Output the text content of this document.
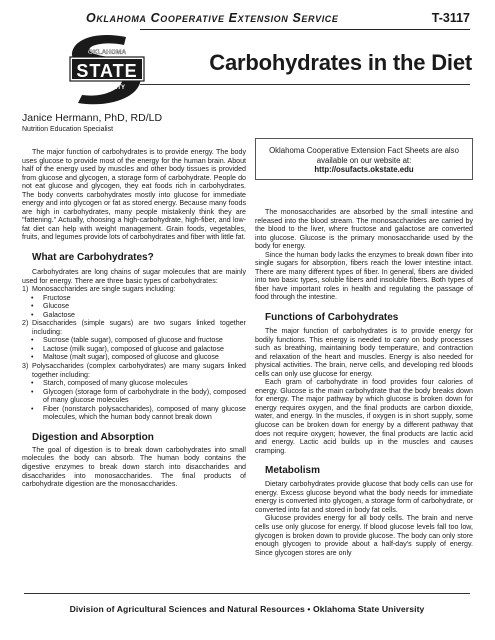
Oklahoma Cooperative Extension Service	T-3117
OKLAHOMA
STATE
UNIVERSITY
Carbohydrates in the Diet
Janice Hermann, PhD, RD/LD
Nutrition Education Specialist

The major function of carbohydrates is to provide energy. The body uses glucose to provide most of the energy for the human brain. About half of the energy used by muscles and other body tissues is provided from glucose and glycogen, a storage form of carbohydrate. People do not eat glucose and glycogen, they eat foods rich in carbohydrates. The body converts carbohydrates mostly into glucose for immediate energy and into glycogen or fat as stored energy. Because many foods are high in carbohydrates, many people mistakenly think they are "fattening." Actually, choosing a high-carbohydrate, high-fiber, and low-fat diet can help with weight management. Grain foods, vegetables, fruits, and legumes provide lots of carbohydrates and fiber with little fat.

What are Carbohydrates?

Carbohydrates are long chains of sugar molecules that are mainly used for energy. There are three basic types of carbohydrates:

1) Monosaccharides are single sugars including:
•	Fructose
•	Glucose
•	Galactose
2) Disaccharides (simple sugars) are two sugars linked together including:
•	Sucrose (table sugar), composed of glucose and fructose
•	Lactose (milk sugar), composed of glucose and galactose
•	Maltose (malt sugar), composed of glucose and glucose
3) Polysaccharides (complex carbohydrates) are many sugars linked together including:
•	Starch, composed of many glucose molecules
•	Glycogen (storage form of carbohydrate in the body), composed of many glucose molecules
•	Fiber (nonstarch polysaccharides), composed of many glucose molecules, which the human body cannot break down

Digestion and Absorption

The goal of digestion is to break down carbohydrates into small molecules the body can absorb. The human body contains the digestive enzymes to break down starch into disaccharides and disaccharides into monosaccharides. The final products of carbohydrate digestion are the monosaccharides.

Oklahoma Cooperative Extension Fact Sheets are also available on our website at:
http://osufacts.okstate.edu

The monosaccharides are absorbed by the small intestine and released into the blood stream. The monosaccharides are carried by the blood to the liver, where fructose and galactose are converted into glucose. Glucose is the primary monosaccharide used by the body for energy.

Since the human body lacks the enzymes to break down fiber into single sugars for absorption, fibers reach the lower intestine intact. There are many different types of fiber. In general, fibers are divided into two basic types, soluble fibers and insoluble fibers. Both types of fiber have important roles in health and regulating the passage of food through the intestine.

Functions of Carbohydrates

The major function of carbohydrates is to provide energy for bodily functions. This energy is needed to carry on body processes such as breathing, maintaining body temperature, and contraction and relaxation of the heart and muscles. Energy is also needed for physical activities. The brain, nerve cells, and developing red bloods cells can only use glucose for energy.

Each gram of carbohydrate in food provides four calories of energy. Glucose is the main carbohydrate that the body breaks down for energy. The major pathway by which glucose is broken down for energy requires oxygen, and the final products are carbon dioxide, water, and energy. In the muscles, if oxygen is in short supply, some glucose can be broken down for energy by a different pathway that does not require oxygen; however, the final products are lactic acid and energy. Lactic acid builds up in the muscles and causes cramping.

Metabolism

Dietary carbohydrates provide glucose that body cells can use for energy. Excess glucose beyond what the body needs for immediate energy is converted into glycogen, a storage form of carbohydrate, or converted into fat and stored in body fat cells.

Glucose provides energy for all body cells. The brain and nerve cells use only glucose for energy. If blood glucose levels fall too low, glycogen is broken down to provide glucose. The body can only store enough glycogen to provide about a half-day's supply of energy. Since glycogen stores are only

Division of Agricultural Sciences and Natural Resources • Oklahoma State University
